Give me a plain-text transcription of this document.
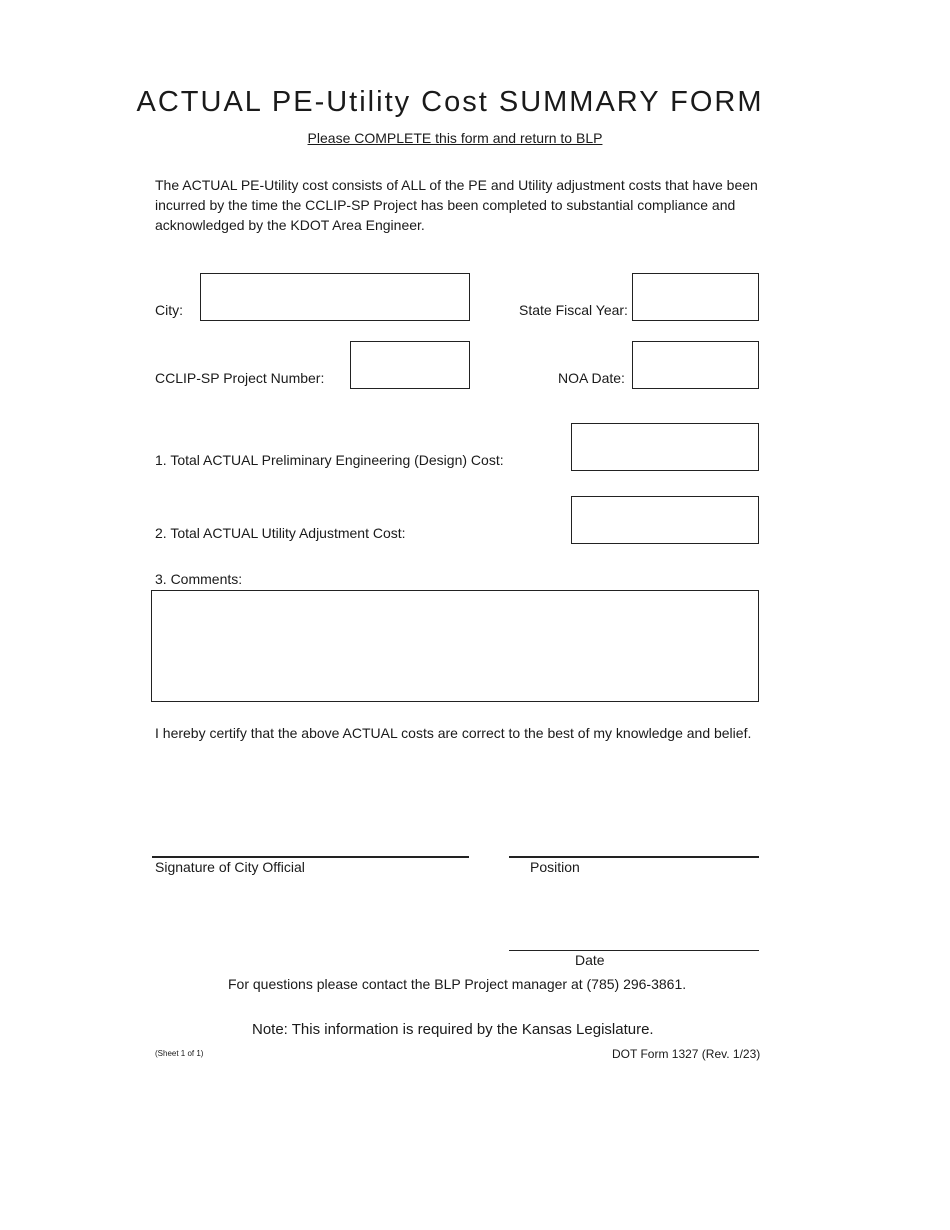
ACTUAL PE-Utility Cost SUMMARY FORM
Please COMPLETE this form and return to BLP
The ACTUAL PE-Utility cost consists of ALL of the PE and Utility adjustment costs that have been incurred by the time the CCLIP-SP Project has been completed to substantial compliance and acknowledged by the KDOT Area Engineer.
City:	State Fiscal Year:
CCLIP-SP Project Number:	NOA Date:
1. Total ACTUAL Preliminary Engineering (Design) Cost:
2. Total ACTUAL Utility Adjustment Cost:
3. Comments:
I hereby certify that the above ACTUAL costs are correct to the best of my knowledge and belief.
Signature of City Official	Position
Date
For questions please contact the BLP Project manager at (785) 296-3861.
Note: This information is required by the Kansas Legislature.
(Sheet 1 of 1)	DOT Form 1327 (Rev. 1/23)
